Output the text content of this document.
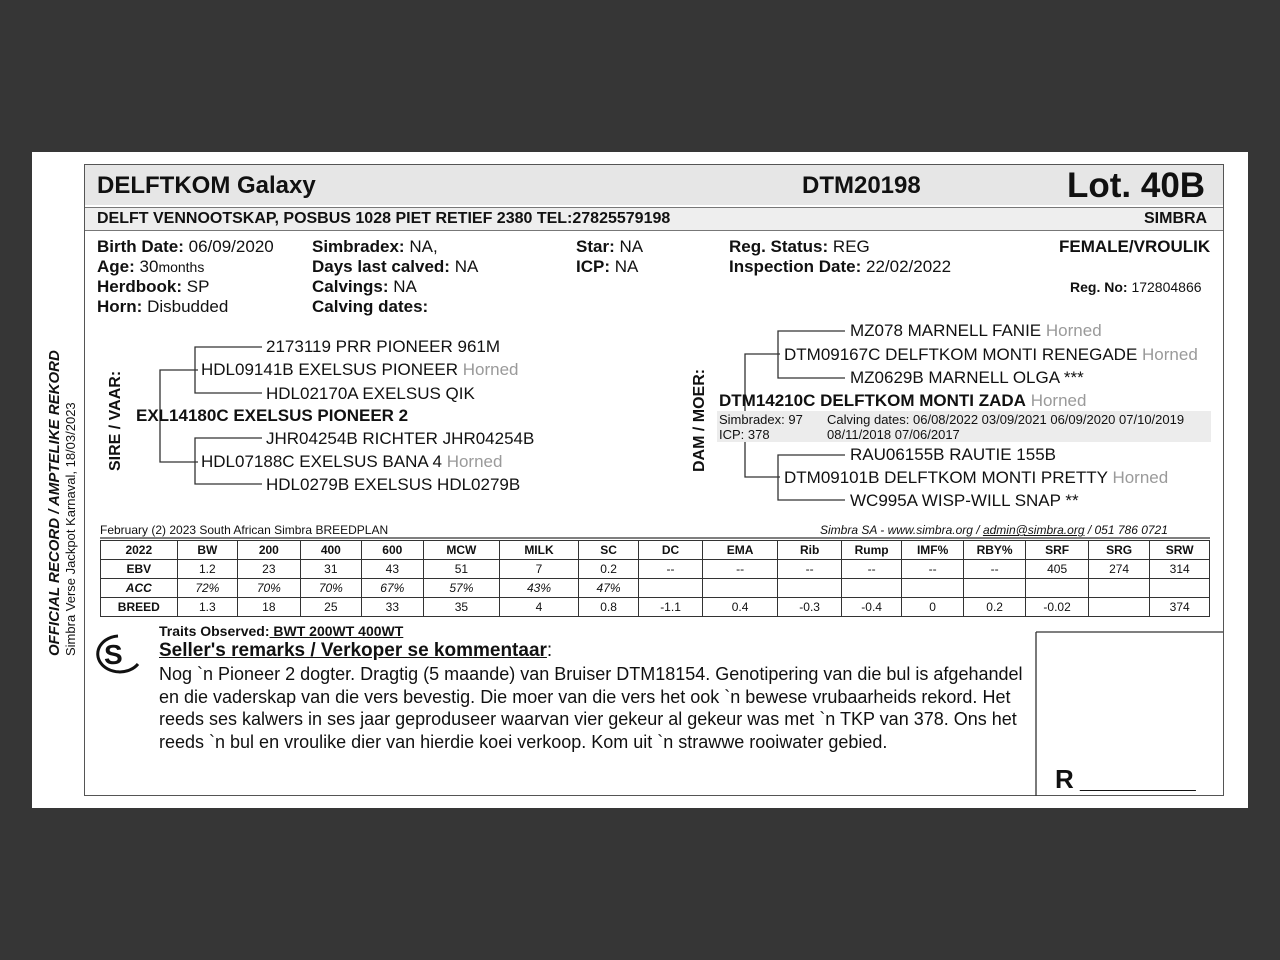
OFFICIAL RECORD / AMPTELIKE REKORD Simbra Verse Jackpot Karnaval, 18/03/2023
DELFTKOM Galaxy	DTM20198	Lot. 40B
DELFT VENNOOTSKAP, POSBUS 1028 PIET RETIEF 2380 TEL:27825579198	SIMBRA
Birth Date: 06/09/2020
Age: 30months
Herdbook: SP
Horn: Disbudded
Simbradex: NA,
Days last calved: NA
Calvings: NA
Calving dates:
Star: NA
ICP: NA
Reg. Status: REG
Inspection Date: 22/02/2022
FEMALE/VROULIK
Reg. No: 172804866
SIRE / VAAR:
2173119 PRR PIONEER 961M
HDL09141B EXELSUS PIONEER Horned
HDL02170A EXELSUS QIK
EXL14180C EXELSUS PIONEER 2
JHR04254B RICHTER JHR04254B
HDL07188C EXELSUS BANA 4 Horned
HDL0279B EXELSUS HDL0279B
DAM / MOER:
MZ078 MARNELL FANIE Horned
DTM09167C DELFTKOM MONTI RENEGADE Horned
MZ0629B MARNELL OLGA ***
DTM14210C DELFTKOM MONTI ZADA Horned
Simbradex: 97
ICP: 378
Calving dates: 06/08/2022 03/09/2021 06/09/2020 07/10/2019
08/11/2018 07/06/2017
RAU06155B RAUTIE 155B
DTM09101B DELFTKOM MONTI PRETTY Horned
WC995A WISP-WILL SNAP **
February (2) 2023 South African Simbra BREEDPLAN	Simbra SA - www.simbra.org / admin@simbra.org / 051 786 0721
2022	BW	200	400	600	MCW	MILK	SC	DC	EMA	Rib	Rump	IMF%	RBY%	SRF	SRG	SRW
EBV	1.2	23	31	43	51	7	0.2	--	--	--	--	--	--	405	274	314
ACC	72%	70%	70%	67%	57%	43%	47%									
BREED	1.3	18	25	33	35	4	0.8	-1.1	0.4	-0.3	-0.4	0	0.2	-0.02		374
Traits Observed: BWT 200WT 400WT
S Seller's remarks / Verkoper se kommentaar:
Nog `n Pioneer 2 dogter. Dragtig (5 maande) van Bruiser DTM18154. Genotipering van die bul is afgehandel en die vaderskap van die vers bevestig. Die moer van die vers het ook `n bewese vrubaarheids rekord. Het reeds ses kalwers in ses jaar geproduseer waarvan vier gekeur al gekeur was met `n TKP van 378. Ons het reeds `n bul en vroulike dier van hierdie koei verkoop. Kom uit `n strawwe rooiwater gebied.
R ________
